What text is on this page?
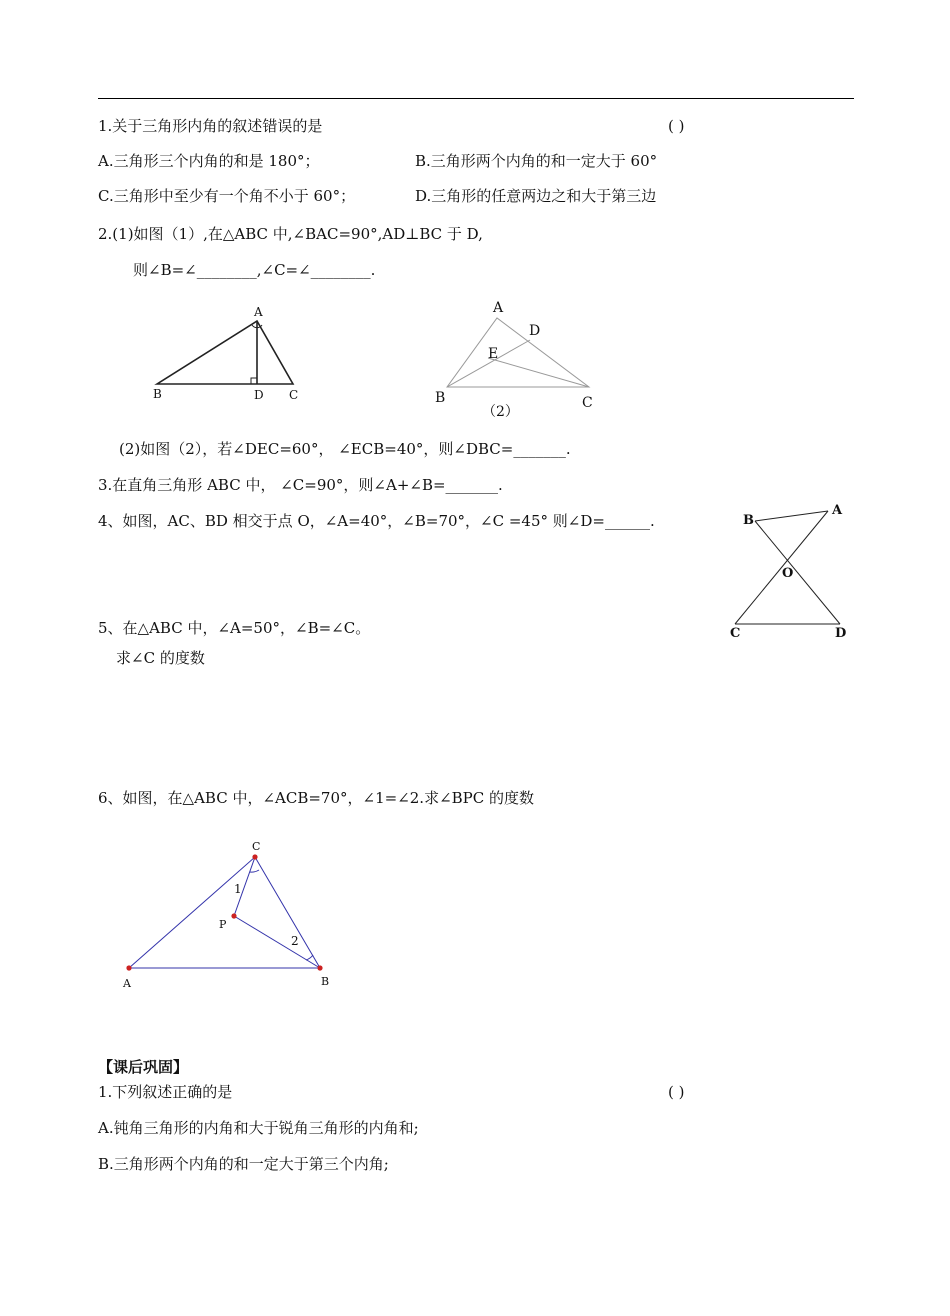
1.关于三角形内角的叙述错误的是	( )
A.三角形三个内角的和是 180°；	B.三角形两个内角的和一定大于 60°
C.三角形中至少有一个角不小于 60°；	D.三角形的任意两边之和大于第三边
2.(1)如图（1）,在△ABC 中,∠BAC=90°,AD⊥BC 于 D,
则∠B=∠________,∠C=∠________.
A
B	D C
A
D
E
B	C
（2）
(2)如图（2），若∠DEC=60°， ∠ECB=40°，则∠DBC=_______.
3.在直角三角形 ABC 中， ∠C=90°，则∠A+∠B=_______.
4、如图，AC、BD 相交于点 O，∠A=40°，∠B=70°，∠C =45° 则∠D=______.	B
A
O
C	D
5、在△ABC 中，∠A=50°，∠B=∠C。
求∠C 的度数
6、如图，在△ABC 中，∠ACB=70°，∠1=∠2.求∠BPC 的度数
C
1
P
2
A	B
【课后巩固】
1.下列叙述正确的是	( )
A.钝角三角形的内角和大于锐角三角形的内角和;
B.三角形两个内角的和一定大于第三个内角;
